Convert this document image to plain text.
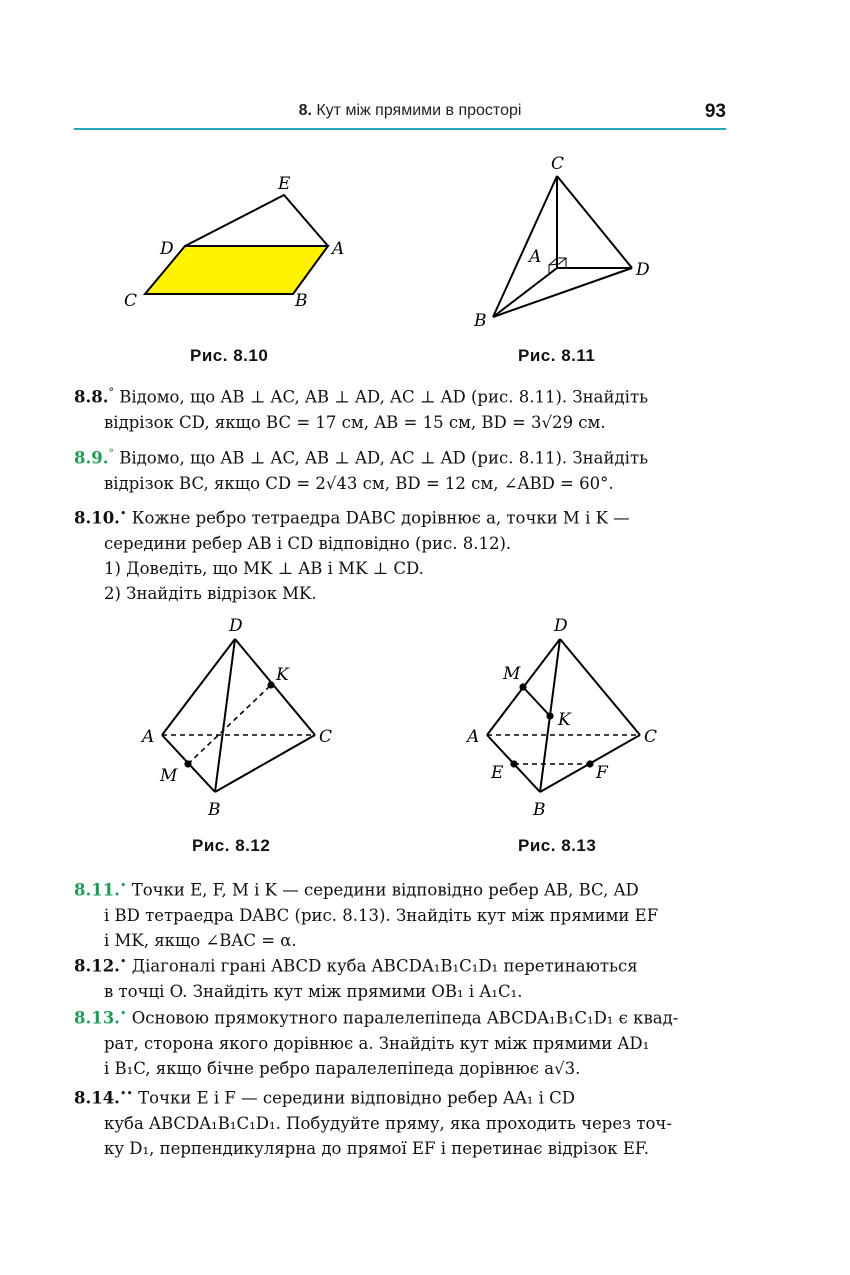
8. Кут між прямими в просторі	93
E
D	A
C	B
Рис. 8.10
C
A
D
B
Рис. 8.11
8.8.° Відомо, що AB ⊥ AC, AB ⊥ AD, AC ⊥ AD (рис. 8.11). Знайдіть
відрізок CD, якщо BC = 17 см, AB = 15 см, BD = 3√29 см.
8.9.° Відомо, що AB ⊥ AC, AB ⊥ AD, AC ⊥ AD (рис. 8.11). Знайдіть
відрізок BC, якщо CD = 2√43 см, BD = 12 см, ∠ABD = 60°.
8.10.• Кожне ребро тетраедра DABC дорівнює a, точки M і K —
середини ребер AB і CD відповідно (рис. 8.12).
1) Доведіть, що MK ⊥ AB і MK ⊥ CD.
2) Знайдіть відрізок MK.
D
K
A	C
M
B
Рис. 8.12
D
M
K
A	C
E	F
B
Рис. 8.13
8.11.• Точки E, F, M і K — середини відповідно ребер AB, BC, AD
і BD тетраедра DABC (рис. 8.13). Знайдіть кут між прямими EF
і MK, якщо ∠BAC = α.
8.12.• Діагоналі грані ABCD куба ABCDA₁B₁C₁D₁ перетинаються
в точці O. Знайдіть кут між прямими OB₁ і A₁C₁.
8.13.• Основою прямокутного паралелепіпеда ABCDA₁B₁C₁D₁ є квад-
рат, сторона якого дорівнює a. Знайдіть кут між прямими AD₁
і B₁C, якщо бічне ребро паралелепіпеда дорівнює a√3.
8.14.•• Точки E і F — середини відповідно ребер AA₁ і CD
куба ABCDA₁B₁C₁D₁. Побудуйте пряму, яка проходить через точ-
ку D₁, перпендикулярна до прямої EF і перетинає відрізок EF.
